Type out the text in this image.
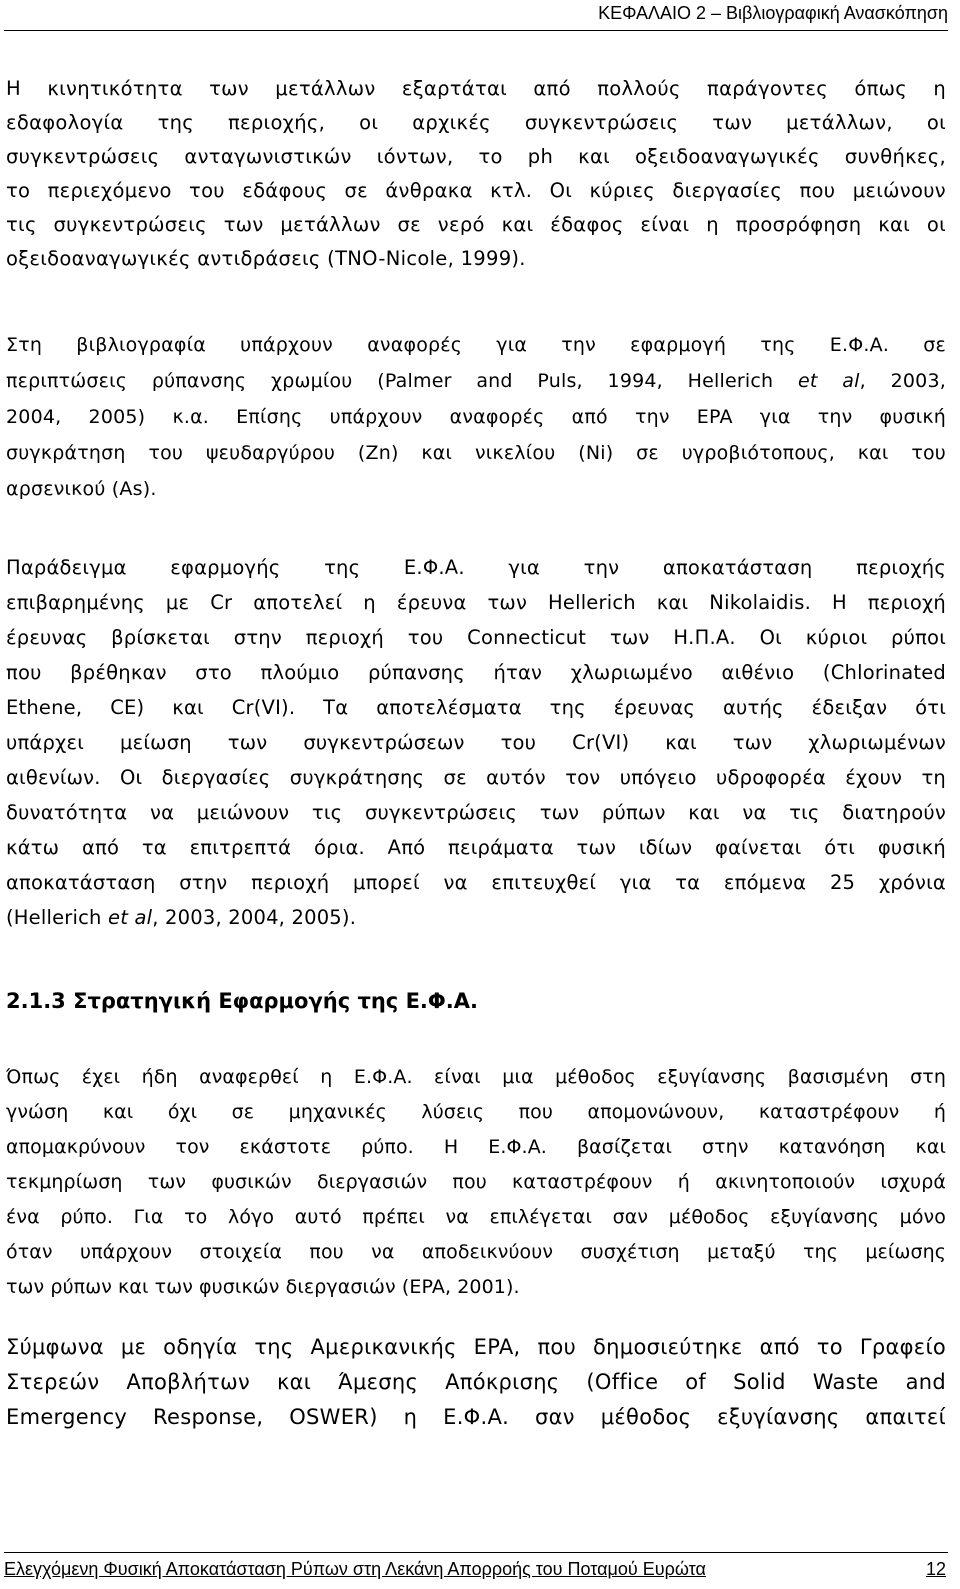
ΚΕΦΑΛΑΙΟ 2 – Βιβλιογραφική Ανασκόπηση

Η κινητικότητα των μετάλλων εξαρτάται από πολλούς παράγοντες όπως η
εδαφολογία της περιοχής, οι αρχικές συγκεντρώσεις των μετάλλων, οι
συγκεντρώσεις ανταγωνιστικών ιόντων, το ph και οξειδοαναγωγικές συνθήκες,
το περιεχόμενο του εδάφους σε άνθρακα κτλ. Οι κύριες διεργασίες που μειώνουν
τις συγκεντρώσεις των μετάλλων σε νερό και έδαφος είναι η προσρόφηση και οι
οξειδοαναγωγικές αντιδράσεις (TNO-Nicole, 1999).

Στη βιβλιογραφία υπάρχουν αναφορές για την εφαρμογή της Ε.Φ.Α. σε
περιπτώσεις ρύπανσης χρωμίου (Palmer and Puls, 1994, Hellerich et al, 2003,
2004, 2005) κ.α. Επίσης υπάρχουν αναφορές από την EPA για την φυσική
συγκράτηση του ψευδαργύρου (Zn) και νικελίου (Ni) σε υγροβιότοπους, και του
αρσενικού (As).

Παράδειγμα εφαρμογής της Ε.Φ.Α. για την αποκατάσταση περιοχής
επιβαρημένης με Cr αποτελεί η έρευνα των Hellerich και Nikolaidis. Η περιοχή
έρευνας βρίσκεται στην περιοχή του Connecticut των Η.Π.Α. Οι κύριοι ρύποι
που βρέθηκαν στο πλούμιο ρύπανσης ήταν χλωριωμένο αιθένιο (Chlorinated
Ethene, CE) και Cr(VI). Τα αποτελέσματα της έρευνας αυτής έδειξαν ότι
υπάρχει μείωση των συγκεντρώσεων του Cr(VI) και των χλωριωμένων
αιθενίων. Οι διεργασίες συγκράτησης σε αυτόν τον υπόγειο υδροφορέα έχουν τη
δυνατότητα να μειώνουν τις συγκεντρώσεις των ρύπων και να τις διατηρούν
κάτω από τα επιτρεπτά όρια. Από πειράματα των ιδίων φαίνεται ότι φυσική
αποκατάσταση στην περιοχή μπορεί να επιτευχθεί για τα επόμενα 25 χρόνια
(Hellerich et al, 2003, 2004, 2005).

2.1.3 Στρατηγική Εφαρμογής της Ε.Φ.Α.

Όπως έχει ήδη αναφερθεί η Ε.Φ.Α. είναι μια μέθοδος εξυγίανσης βασισμένη στη
γνώση και όχι σε μηχανικές λύσεις που απομονώνουν, καταστρέφουν ή
απομακρύνουν τον εκάστοτε ρύπο. Η Ε.Φ.Α. βασίζεται στην κατανόηση και
τεκμηρίωση των φυσικών διεργασιών που καταστρέφουν ή ακινητοποιούν ισχυρά
ένα ρύπο. Για το λόγο αυτό πρέπει να επιλέγεται σαν μέθοδος εξυγίανσης μόνο
όταν υπάρχουν στοιχεία που να αποδεικνύουν συσχέτιση μεταξύ της μείωσης
των ρύπων και των φυσικών διεργασιών (EPA, 2001).

Σύμφωνα με οδηγία της Αμερικανικής EPA, που δημοσιεύτηκε από το Γραφείο
Στερεών Αποβλήτων και Άμεσης Απόκρισης (Office of Solid Waste and
Emergency Response, OSWER) η Ε.Φ.Α. σαν μέθοδος εξυγίανσης απαιτεί

Ελεγχόμενη Φυσική Αποκατάσταση Ρύπων στη Λεκάνη Απορροής του Ποταμού Ευρώτα	12
